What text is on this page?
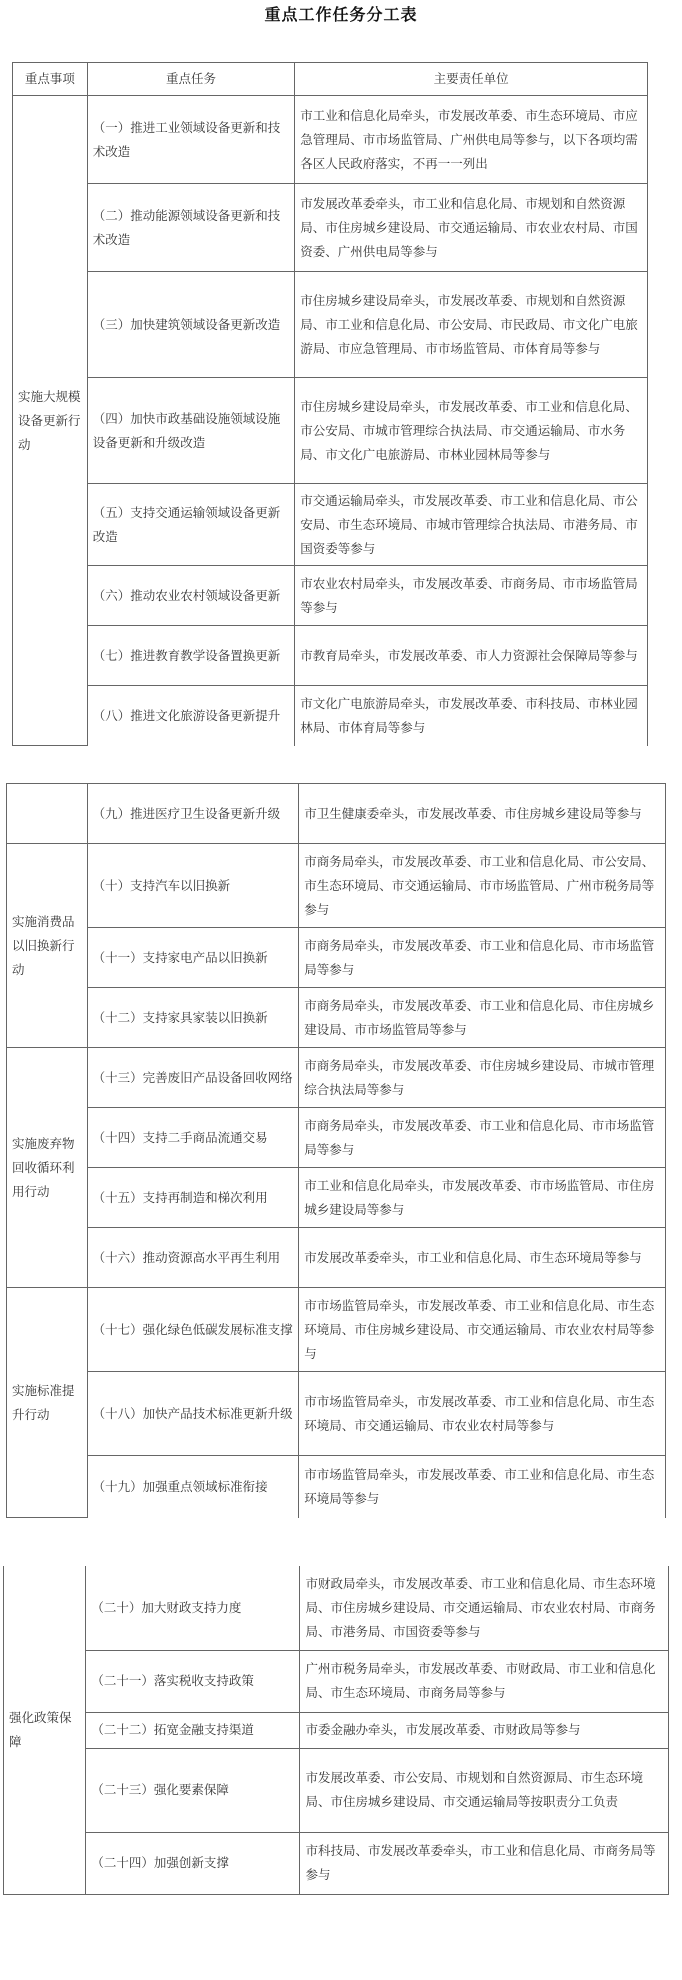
重点工作任务分工表
重点事项	重点任务	主要责任单位
实施大规模设备更新行动	（一）推进工业领域设备更新和技术改造	市工业和信息化局牵头，市发展改革委、市生态环境局、市应急管理局、市市场监管局、广州供电局等参与，以下各项均需各区人民政府落实，不再一一列出
	（二）推动能源领域设备更新和技术改造	市发展改革委牵头，市工业和信息化局、市规划和自然资源局、市住房城乡建设局、市交通运输局、市农业农村局、市国资委、广州供电局等参与
	（三）加快建筑领域设备更新改造	市住房城乡建设局牵头，市发展改革委、市规划和自然资源局、市工业和信息化局、市公安局、市民政局、市文化广电旅游局、市应急管理局、市市场监管局、市体育局等参与
	（四）加快市政基础设施领域设施设备更新和升级改造	市住房城乡建设局牵头，市发展改革委、市工业和信息化局、市公安局、市城市管理综合执法局、市交通运输局、市水务局、市文化广电旅游局、市林业园林局等参与
	（五）支持交通运输领域设备更新改造	市交通运输局牵头，市发展改革委、市工业和信息化局、市公安局、市生态环境局、市城市管理综合执法局、市港务局、市国资委等参与
	（六）推动农业农村领域设备更新	市农业农村局牵头，市发展改革委、市商务局、市市场监管局等参与
	（七）推进教育教学设备置换更新	市教育局牵头，市发展改革委、市人力资源社会保障局等参与
	（八）推进文化旅游设备更新提升	市文化广电旅游局牵头，市发展改革委、市科技局、市林业园林局、市体育局等参与
	（九）推进医疗卫生设备更新升级	市卫生健康委牵头，市发展改革委、市住房城乡建设局等参与
实施消费品以旧换新行动	（十）支持汽车以旧换新	市商务局牵头，市发展改革委、市工业和信息化局、市公安局、市生态环境局、市交通运输局、市市场监管局、广州市税务局等参与
	（十一）支持家电产品以旧换新	市商务局牵头，市发展改革委、市工业和信息化局、市市场监管局等参与
	（十二）支持家具家装以旧换新	市商务局牵头，市发展改革委、市工业和信息化局、市住房城乡建设局、市市场监管局等参与
实施废弃物回收循环利用行动	（十三）完善废旧产品设备回收网络	市商务局牵头，市发展改革委、市住房城乡建设局、市城市管理综合执法局等参与
	（十四）支持二手商品流通交易	市商务局牵头，市发展改革委、市工业和信息化局、市市场监管局等参与
	（十五）支持再制造和梯次利用	市工业和信息化局牵头，市发展改革委、市市场监管局、市住房城乡建设局等参与
	（十六）推动资源高水平再生利用	市发展改革委牵头，市工业和信息化局、市生态环境局等参与
实施标准提升行动	（十七）强化绿色低碳发展标准支撑	市市场监管局牵头，市发展改革委、市工业和信息化局、市生态环境局、市住房城乡建设局、市交通运输局、市农业农村局等参与
	（十八）加快产品技术标准更新升级	市市场监管局牵头，市发展改革委、市工业和信息化局、市生态环境局、市交通运输局、市农业农村局等参与
	（十九）加强重点领域标准衔接	市市场监管局牵头，市发展改革委、市工业和信息化局、市生态环境局等参与
强化政策保障	（二十）加大财政支持力度	市财政局牵头，市发展改革委、市工业和信息化局、市生态环境局、市住房城乡建设局、市交通运输局、市农业农村局、市商务局、市港务局、市国资委等参与
	（二十一）落实税收支持政策	广州市税务局牵头，市发展改革委、市财政局、市工业和信息化局、市生态环境局、市商务局等参与
	（二十二）拓宽金融支持渠道	市委金融办牵头，市发展改革委、市财政局等参与
	（二十三）强化要素保障	市发展改革委、市公安局、市规划和自然资源局、市生态环境局、市住房城乡建设局、市交通运输局等按职责分工负责
	（二十四）加强创新支撑	市科技局、市发展改革委牵头，市工业和信息化局、市商务局等参与
